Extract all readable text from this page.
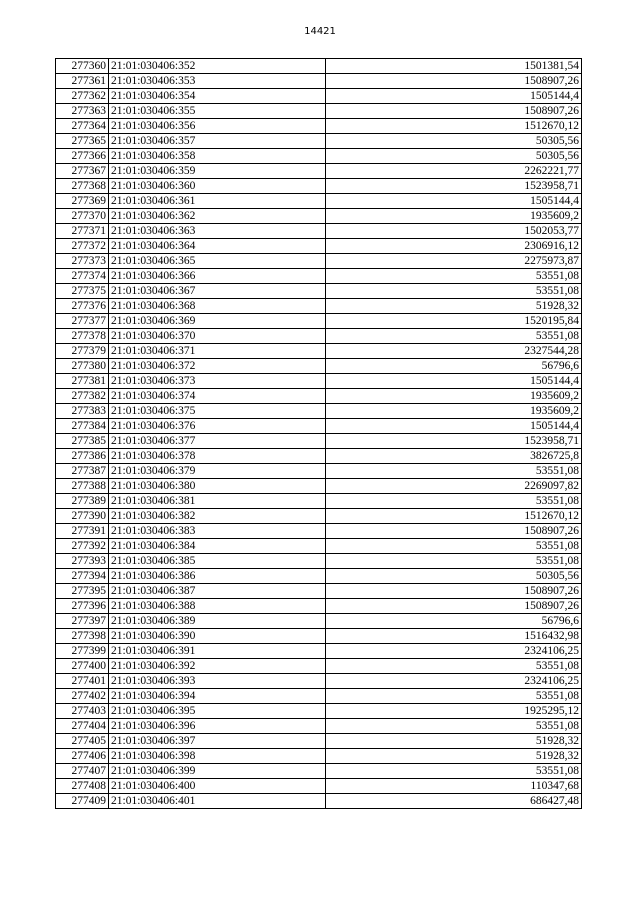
14421
277360	21:01:030406:352	1501381,54
277361	21:01:030406:353	1508907,26
277362	21:01:030406:354	1505144,4
277363	21:01:030406:355	1508907,26
277364	21:01:030406:356	1512670,12
277365	21:01:030406:357	50305,56
277366	21:01:030406:358	50305,56
277367	21:01:030406:359	2262221,77
277368	21:01:030406:360	1523958,71
277369	21:01:030406:361	1505144,4
277370	21:01:030406:362	1935609,2
277371	21:01:030406:363	1502053,77
277372	21:01:030406:364	2306916,12
277373	21:01:030406:365	2275973,87
277374	21:01:030406:366	53551,08
277375	21:01:030406:367	53551,08
277376	21:01:030406:368	51928,32
277377	21:01:030406:369	1520195,84
277378	21:01:030406:370	53551,08
277379	21:01:030406:371	2327544,28
277380	21:01:030406:372	56796,6
277381	21:01:030406:373	1505144,4
277382	21:01:030406:374	1935609,2
277383	21:01:030406:375	1935609,2
277384	21:01:030406:376	1505144,4
277385	21:01:030406:377	1523958,71
277386	21:01:030406:378	3826725,8
277387	21:01:030406:379	53551,08
277388	21:01:030406:380	2269097,82
277389	21:01:030406:381	53551,08
277390	21:01:030406:382	1512670,12
277391	21:01:030406:383	1508907,26
277392	21:01:030406:384	53551,08
277393	21:01:030406:385	53551,08
277394	21:01:030406:386	50305,56
277395	21:01:030406:387	1508907,26
277396	21:01:030406:388	1508907,26
277397	21:01:030406:389	56796,6
277398	21:01:030406:390	1516432,98
277399	21:01:030406:391	2324106,25
277400	21:01:030406:392	53551,08
277401	21:01:030406:393	2324106,25
277402	21:01:030406:394	53551,08
277403	21:01:030406:395	1925295,12
277404	21:01:030406:396	53551,08
277405	21:01:030406:397	51928,32
277406	21:01:030406:398	51928,32
277407	21:01:030406:399	53551,08
277408	21:01:030406:400	110347,68
277409	21:01:030406:401	686427,48
